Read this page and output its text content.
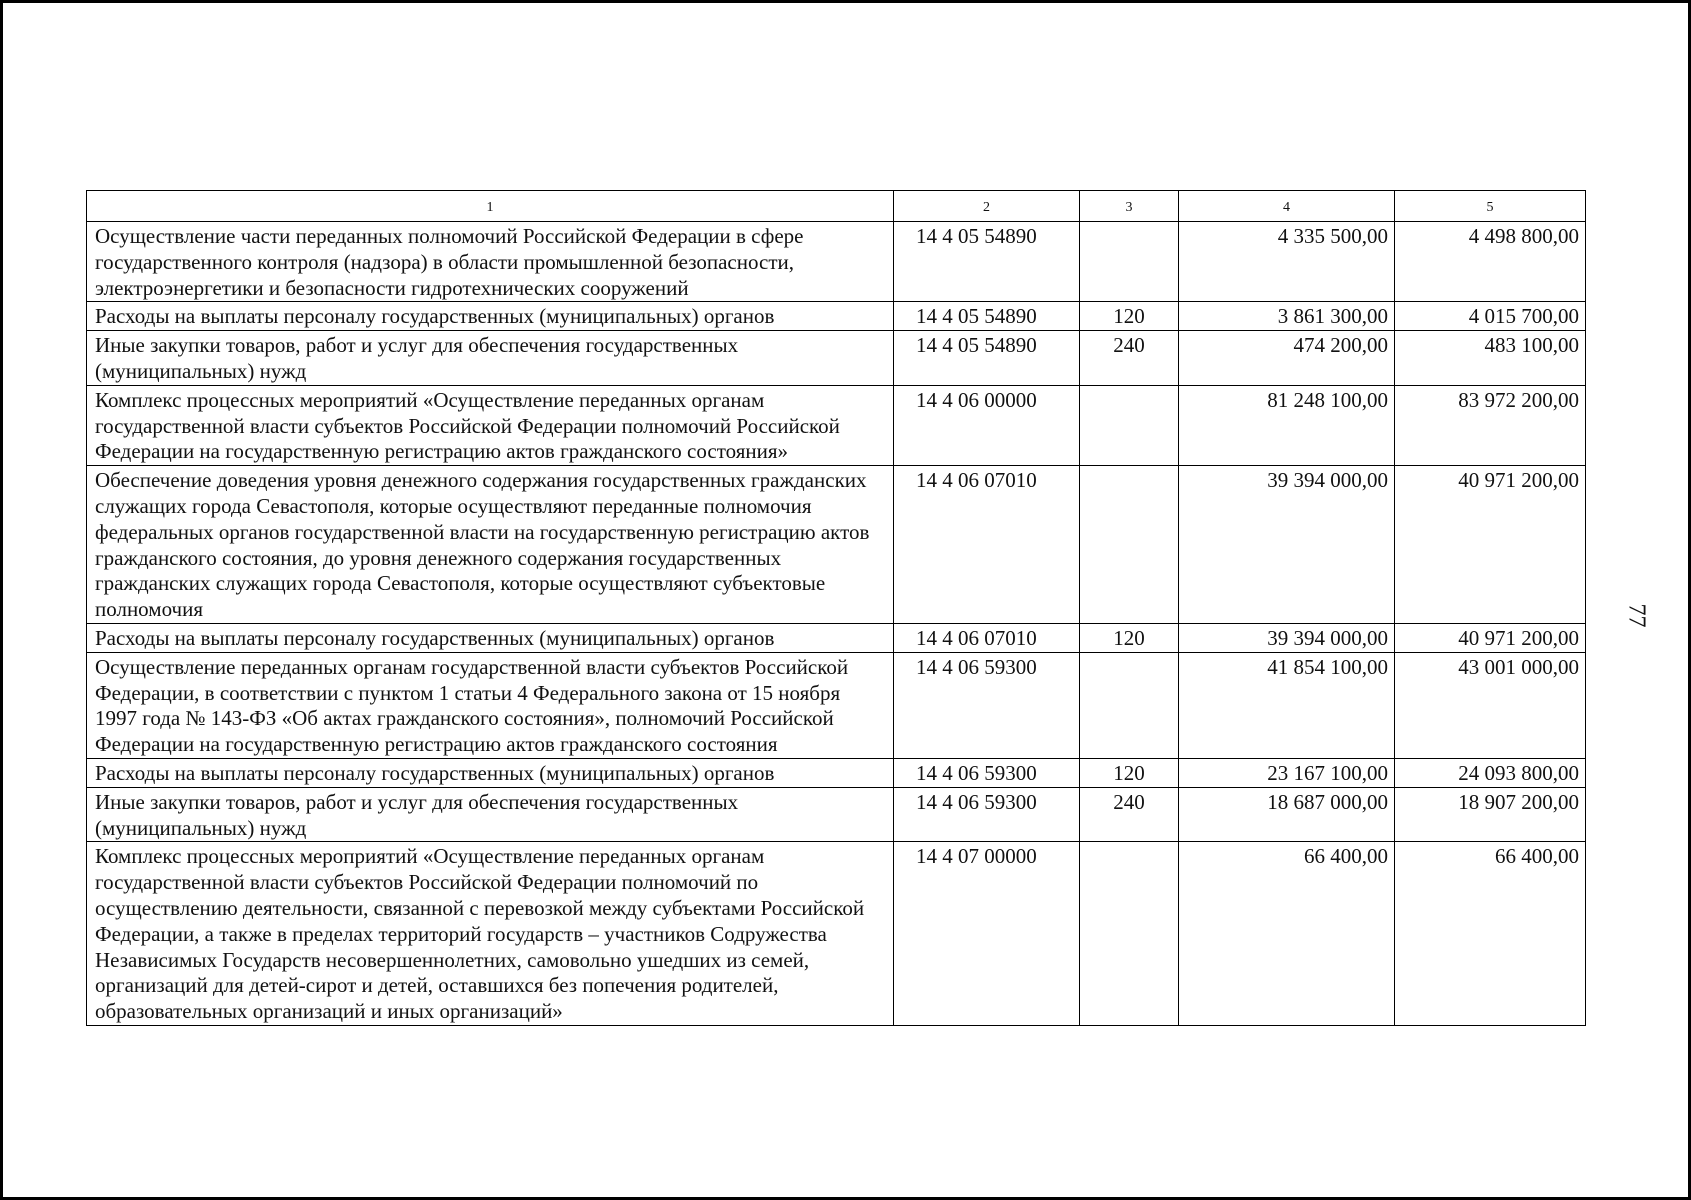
1	2	3	4	5
Осуществление части переданных полномочий Российской Федерации в сфере государственного контроля (надзора) в области промышленной безопасности, электроэнергетики и безопасности гидротехнических сооружений	14 4 05 54890		4 335 500,00	4 498 800,00
Расходы на выплаты персоналу государственных (муниципальных) органов	14 4 05 54890	120	3 861 300,00	4 015 700,00
Иные закупки товаров, работ и услуг для обеспечения государственных (муниципальных) нужд	14 4 05 54890	240	474 200,00	483 100,00
Комплекс процессных мероприятий «Осуществление переданных органам государственной власти субъектов Российской Федерации полномочий Российской Федерации на государственную регистрацию актов гражданского состояния»	14 4 06 00000		81 248 100,00	83 972 200,00
Обеспечение доведения уровня денежного содержания государственных гражданских служащих города Севастополя, которые осуществляют переданные полномочия федеральных органов государственной власти на государственную регистрацию актов гражданского состояния, до уровня денежного содержания государственных гражданских служащих города Севастополя, которые осуществляют субъектовые полномочия	14 4 06 07010		39 394 000,00	40 971 200,00
Расходы на выплаты персоналу государственных (муниципальных) органов	14 4 06 07010	120	39 394 000,00	40 971 200,00
Осуществление переданных органам государственной власти субъектов Российской Федерации, в соответствии с пунктом 1 статьи 4 Федерального закона от 15 ноября 1997 года № 143-ФЗ «Об актах гражданского состояния», полномочий Российской Федерации на государственную регистрацию актов гражданского состояния	14 4 06 59300		41 854 100,00	43 001 000,00
Расходы на выплаты персоналу государственных (муниципальных) органов	14 4 06 59300	120	23 167 100,00	24 093 800,00
Иные закупки товаров, работ и услуг для обеспечения государственных (муниципальных) нужд	14 4 06 59300	240	18 687 000,00	18 907 200,00
Комплекс процессных мероприятий «Осуществление переданных органам государственной власти субъектов Российской Федерации полномочий по осуществлению деятельности, связанной с перевозкой между субъектами Российской Федерации, а также в пределах территорий государств – участников Содружества Независимых Государств несовершеннолетних, самовольно ушедших из семей, организаций для детей-сирот и детей, оставшихся без попечения родителей, образовательных организаций и иных организаций»	14 4 07 00000		66 400,00	66 400,00
77
